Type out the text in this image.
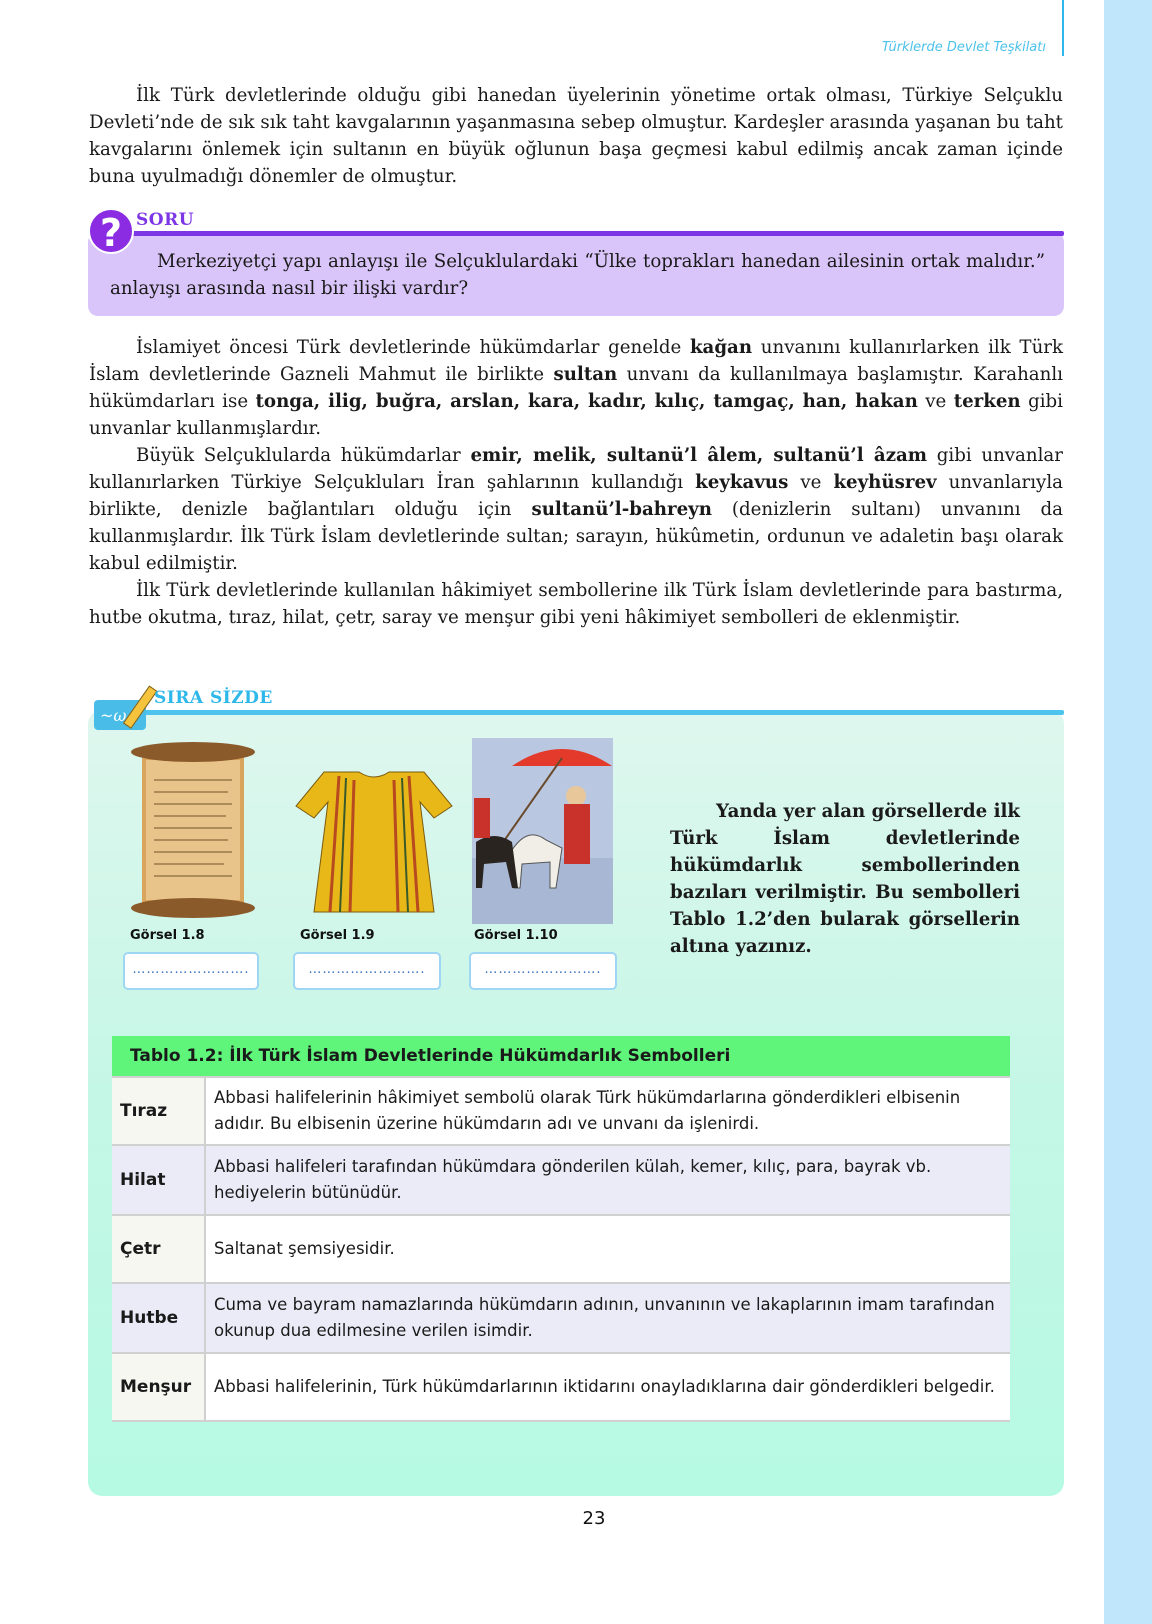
Türklerde Devlet Teşkilatı

İlk Türk devletlerinde olduğu gibi hanedan üyelerinin yönetime ortak olması, Türkiye Selçuklu Devleti’nde de sık sık taht kavgalarının yaşanmasına sebep olmuştur. Kardeşler arasında yaşanan bu taht kavgalarını önlemek için sultanın en büyük oğlunun başa geçmesi kabul edilmiş ancak zaman içinde buna uyulmadığı dönemler de olmuştur.

? SORU

Merkeziyetçi yapı anlayışı ile Selçuklulardaki “Ülke toprakları hanedan ailesinin ortak malıdır.” anlayışı arasında nasıl bir ilişki vardır?

İslamiyet öncesi Türk devletlerinde hükümdarlar genelde kağan unvanını kullanırlarken ilk Türk İslam devletlerinde Gazneli Mahmut ile birlikte sultan unvanı da kullanılmaya başlamıştır. Karahanlı hükümdarları ise tonga, ilig, buğra, arslan, kara, kadır, kılıç, tamgaç, han, hakan ve terken gibi unvanlar kullanmışlardır.

Büyük Selçuklularda hükümdarlar emir, melik, sultanü’l âlem, sultanü’l âzam gibi unvanlar kullanırlarken Türkiye Selçukluları İran şahlarının kullandığı keykavus ve keyhüsrev unvanlarıyla birlikte, denizle bağlantıları olduğu için sultanü’l-bahreyn (denizlerin sultanı) unvanını da kullanmışlardır. İlk Türk İslam devletlerinde sultan; sarayın, hükûmetin, ordunun ve adaletin başı olarak kabul edilmiştir.

İlk Türk devletlerinde kullanılan hâkimiyet sembollerine ilk Türk İslam devletlerinde para bastırma, hutbe okutma, tıraz, hilat, çetr, saray ve menşur gibi yeni hâkimiyet sembolleri de eklenmiştir.

~ω
SIRA SİZDE
Görsel 1.8
…………………….
Görsel 1.9
…………………….
Görsel 1.10
…………………….

Yanda yer alan görsellerde ilk Türk İslam devletlerinde hükümdarlık sembollerinden bazıları verilmiştir. Bu sembolleri Tablo 1.2’den bularak görsellerin altına yazınız.

Tablo 1.2: İlk Türk İslam Devletlerinde Hükümdarlık Sembolleri
Tıraz
Abbasi halifelerinin hâkimiyet sembolü olarak Türk hükümdarlarına gönderdikleri elbisenin adıdır. Bu elbisenin üzerine hükümdarın adı ve unvanı da işlenirdi.
Hilat
Abbasi halifeleri tarafından hükümdara gönderilen külah, kemer, kılıç, para, bayrak vb. hediyelerin bütünüdür.
Çetr	Saltanat şemsiyesidir.
Hutbe
Cuma ve bayram namazlarında hükümdarın adının, unvanının ve lakaplarının imam tarafından okunup dua edilmesine verilen isimdir.
Menşur	Abbasi halifelerinin, Türk hükümdarlarının iktidarını onayladıklarına dair gönderdikleri belgedir.
23
